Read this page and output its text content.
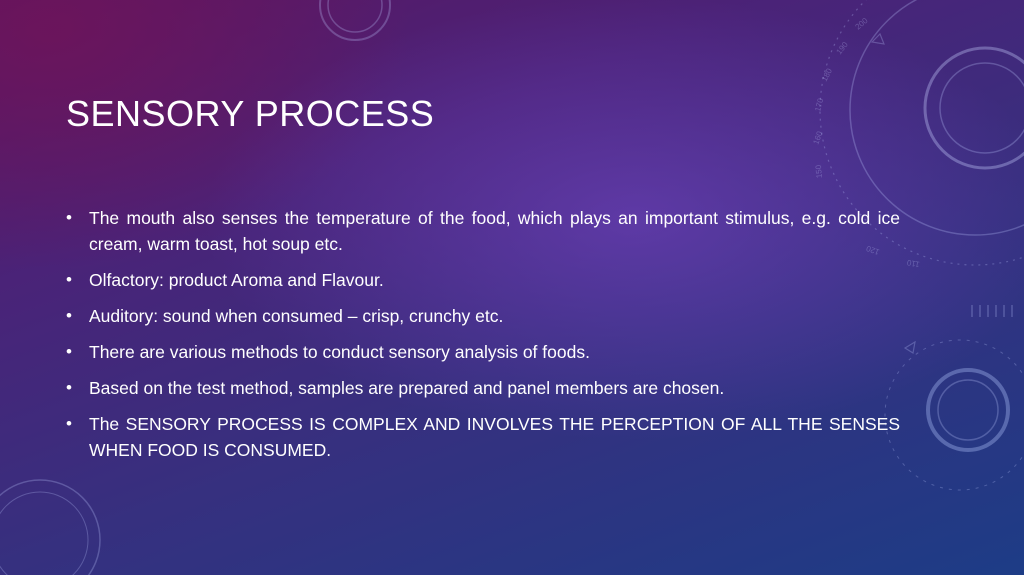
160
170
180
190
200
150
120
110
SENSORY PROCESS
• The mouth also senses the temperature of the food, which plays an important stimulus, e.g. cold ice cream, warm toast, hot soup etc.
• Olfactory: product Aroma and Flavour.
• Auditory: sound when consumed – crisp, crunchy etc.
• There are various methods to conduct sensory analysis of foods.
• Based on the test method, samples are prepared and panel members are chosen.
• The SENSORY PROCESS IS COMPLEX AND INVOLVES THE PERCEPTION OF ALL THE SENSES WHEN FOOD IS CONSUMED.
